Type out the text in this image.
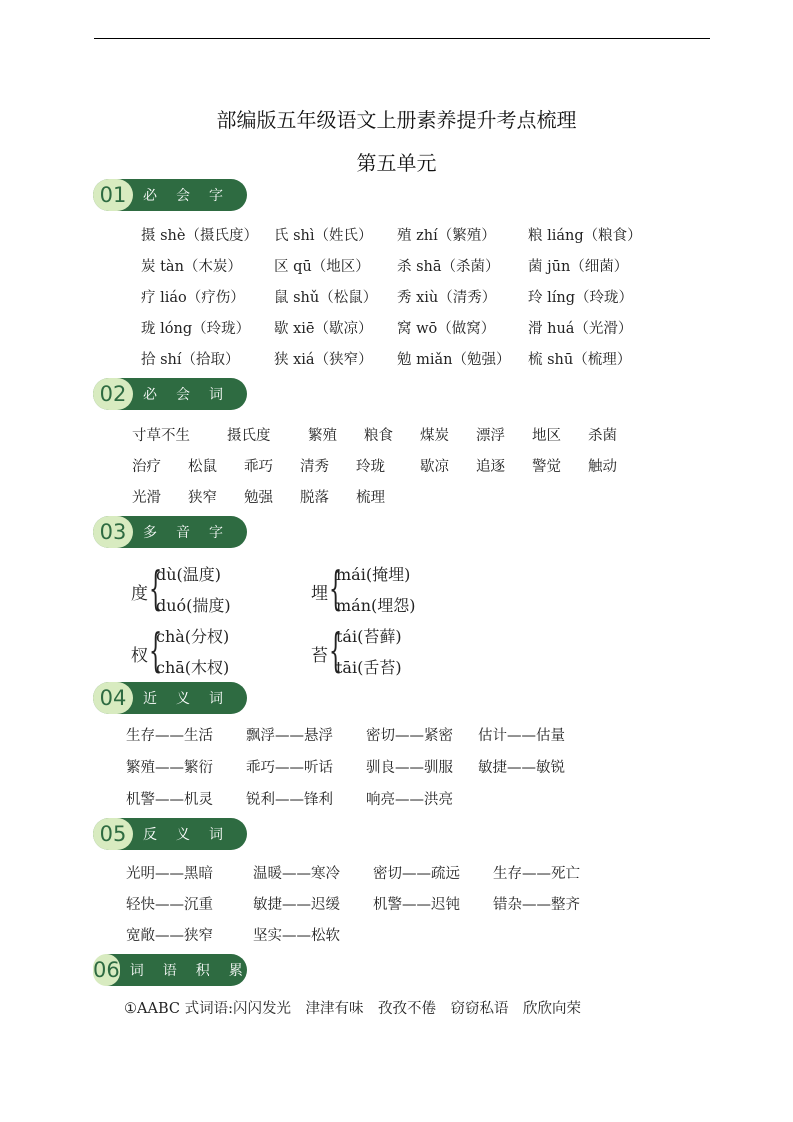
部编版五年级语文上册素养提升考点梳理
第五单元
01	必会字
摄 shè（摄氏度） 氏 shì（姓氏） 殖 zhí（繁殖） 粮 liáng（粮食）
炭 tàn（木炭） 区 qū（地区） 杀 shā（杀菌） 菌 jūn（细菌）
疗 liáo（疗伤） 鼠 shǔ（松鼠） 秀 xiù（清秀） 玲 líng（玲珑）
珑 lóng（玲珑） 歇 xiē（歇凉） 窝 wō（做窝） 滑 huá（光滑）
拾 shí（拾取） 狭 xiá（狭窄） 勉 miǎn（勉强） 梳 shū（梳理）
02	必会词
寸草不生	摄氏度	繁殖 粮食 煤炭 漂浮 地区 杀菌
治疗 松鼠 乖巧 清秀 玲珑 歇凉 追逐 警觉 触动
光滑 狭窄 勉强 脱落 梳理
03	多音字
度 {
dù(温度)
duó(揣度)
埋 {
mái(掩埋)
mán(埋怨)
杈 {
chà(分杈)
chā(木杈)
苔 {
tái(苔藓)
tāi(舌苔)
04	近义词
生存——生活 飘浮——悬浮 密切——紧密 估计——估量
繁殖——繁衍 乖巧——听话 驯良——驯服 敏捷——敏锐
机警——机灵 锐利——锋利 响亮——洪亮
05	反义词
光明——黑暗	温暖——寒冷 密切——疏远 生存——死亡
轻快——沉重	敏捷——迟缓 机警——迟钝 错杂——整齐
宽敞——狭窄	坚实——松软
06 词语积累
①AABC 式词语:闪闪发光　津津有味　孜孜不倦　窃窃私语　欣欣向荣
